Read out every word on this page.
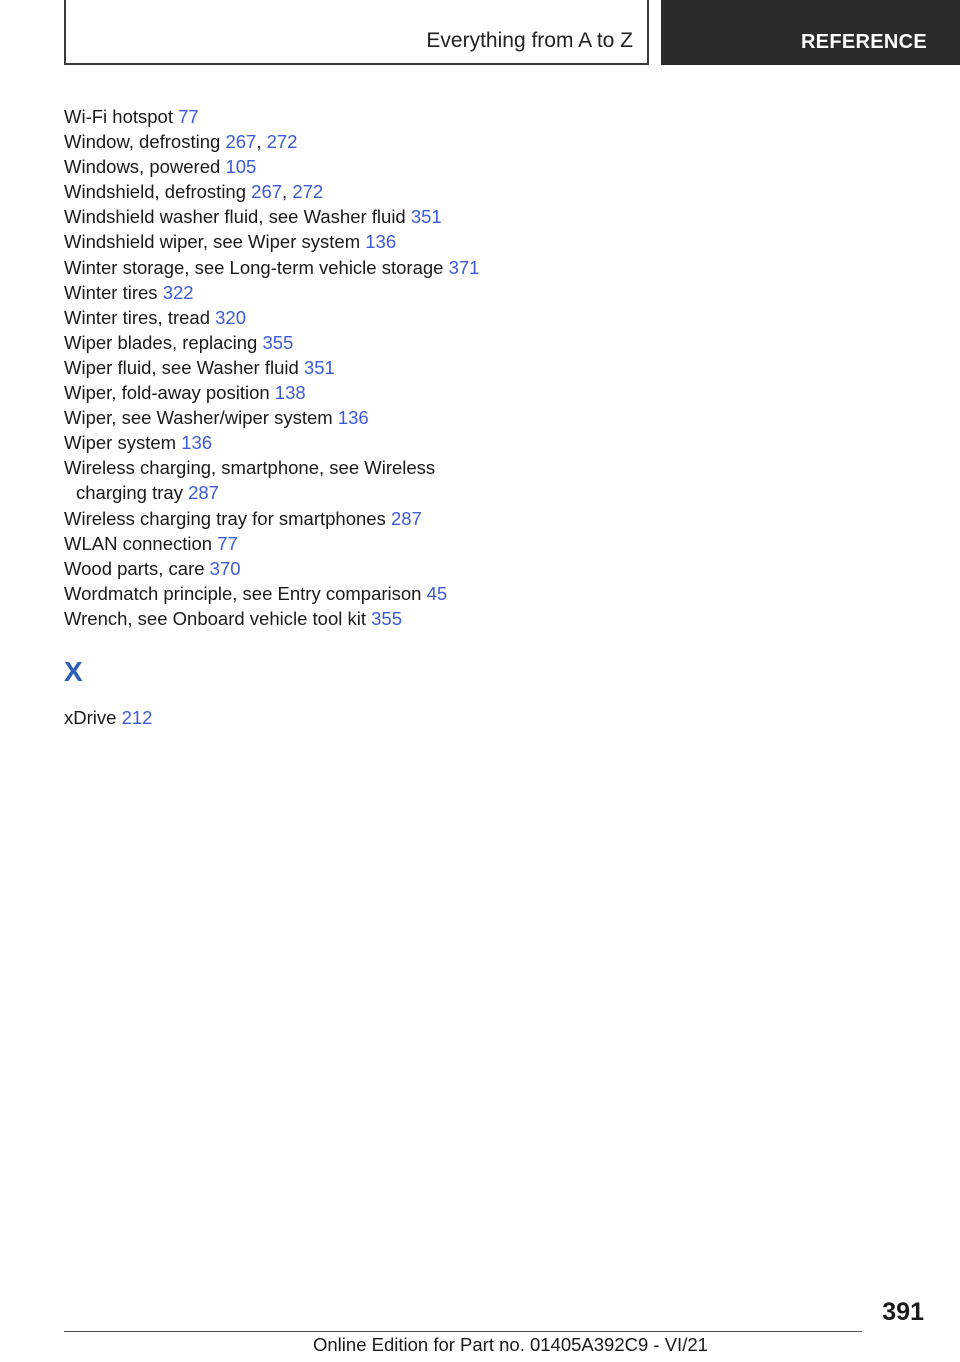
Everything from A to Z	REFERENCE
Wi-Fi hotspot 77
Window, defrosting 267, 272
Windows, powered 105
Windshield, defrosting 267, 272
Windshield washer fluid, see Washer fluid 351
Windshield wiper, see Wiper system 136
Winter storage, see Long-term vehicle storage 371
Winter tires 322
Winter tires, tread 320
Wiper blades, replacing 355
Wiper fluid, see Washer fluid 351
Wiper, fold-away position 138
Wiper, see Washer/wiper system 136
Wiper system 136
Wireless charging, smartphone, see Wireless charging tray 287
Wireless charging tray for smartphones 287
WLAN connection 77
Wood parts, care 370
Wordmatch principle, see Entry comparison 45
Wrench, see Onboard vehicle tool kit 355
X
xDrive 212
391
Online Edition for Part no. 01405A392C9 - VI/21
